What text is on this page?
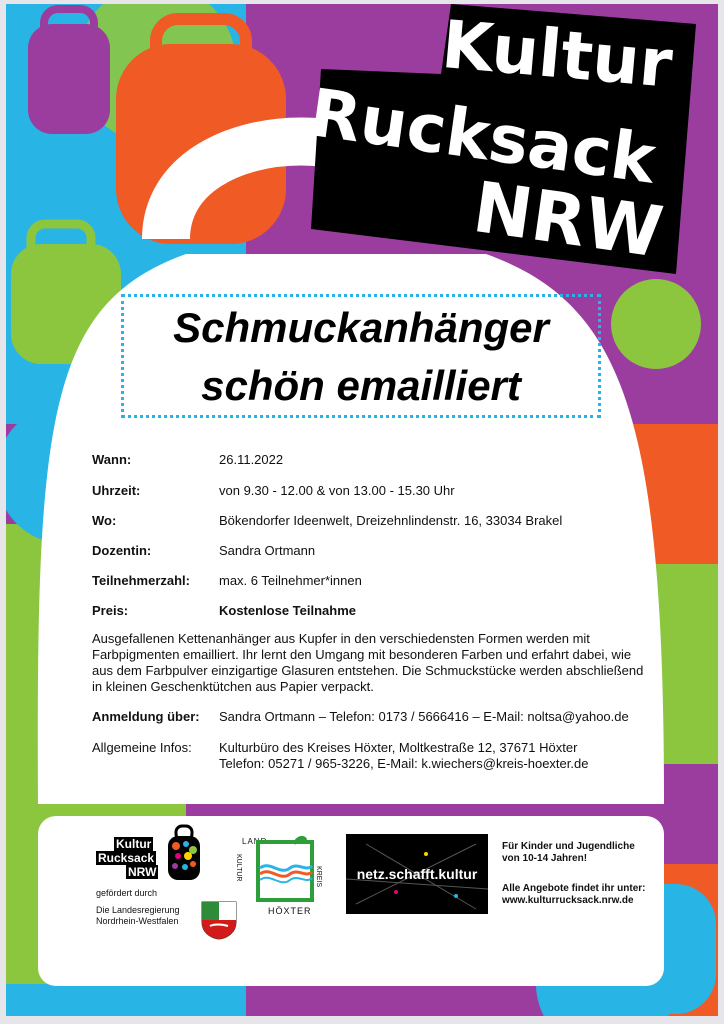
Kultur
Rucksack
NRW
Schmuckanhänger
schön emailliert
Wann:	26.11.2022
Uhrzeit:	von 9.30 - 12.00 & von 13.00 - 15.30 Uhr
Wo:	Bökendorfer Ideenwelt, Dreizehnlindenstr. 16, 33034 Brakel
Dozentin:	Sandra Ortmann
Teilnehmerzahl: max. 6 Teilnehmer*innen
Preis:	Kostenlose Teilnahme
Ausgefallenen Kettenanhänger aus Kupfer in den verschiedensten Formen werden mit Farbpigmenten emailliert. Ihr lernt den Umgang mit besonderen Farben und erfahrt dabei, wie aus dem Farbpulver einzigartige Glasuren entstehen. Die Schmuckstücke werden abschließend in kleinen Geschenktütchen aus Papier verpackt.
Anmeldung über: Sandra Ortmann – Telefon: 0173 / 5666416 – E-Mail: noltsa@yahoo.de
Allgemeine Infos: Kulturbüro des Kreises Höxter, Moltkestraße 12, 37671 Höxter
Telefon: 05271 / 965-3226, E-Mail: k.wiechers@kreis-hoexter.de
Kultur
Rucksack
NRW
gefördert durch
Die Landesregierung
Nordrhein-Westfalen
LAND
KULTUR	KREIS
HÖXTER
netz.schafft.kultur
Für Kinder und Jugendliche
von 10-14 Jahren!
Alle Angebote findet ihr unter:
www.kulturrucksack.nrw.de
